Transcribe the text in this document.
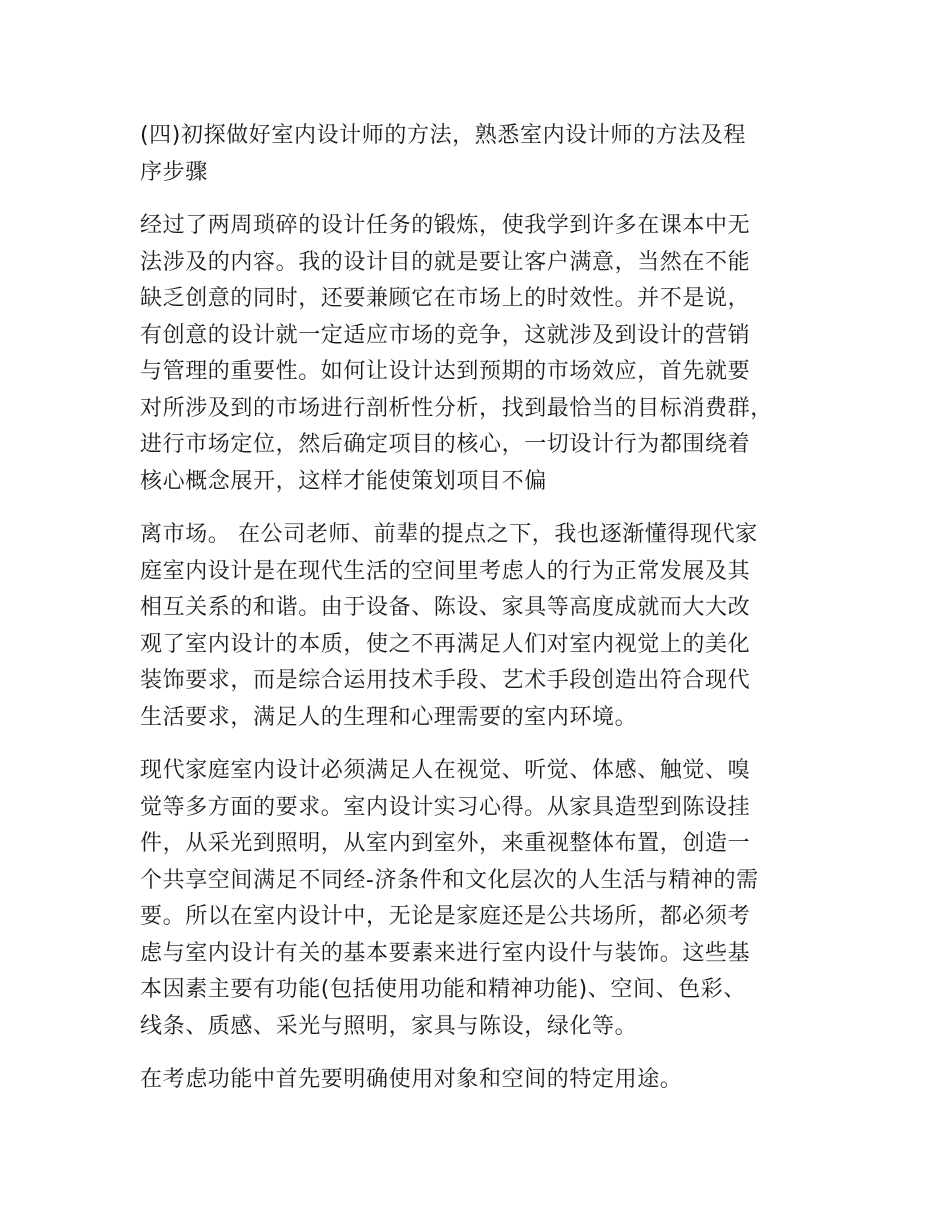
(四)初探做好室内设计师的方法，熟悉室内设计师的方法及程
序步骤

经过了两周琐碎的设计任务的锻炼，使我学到许多在课本中无
法涉及的内容。我的设计目的就是要让客户满意，当然在不能
缺乏创意的同时，还要兼顾它在市场上的时效性。并不是说，
有创意的设计就一定适应市场的竞争，这就涉及到设计的营销
与管理的重要性。如何让设计达到预期的市场效应，首先就要
对所涉及到的市场进行剖析性分析，找到最恰当的目标消费群，
进行市场定位，然后确定项目的核心，一切设计行为都围绕着
核心概念展开，这样才能使策划项目不偏

离市场。 在公司老师、前辈的提点之下，我也逐渐懂得现代家
庭室内设计是在现代生活的空间里考虑人的行为正常发展及其
相互关系的和谐。由于设备、陈设、家具等高度成就而大大改
观了室内设计的本质，使之不再满足人们对室内视觉上的美化
装饰要求，而是综合运用技术手段、艺术手段创造出符合现代
生活要求，满足人的生理和心理需要的室内环境。

现代家庭室内设计必须满足人在视觉、听觉、体感、触觉、嗅
觉等多方面的要求。室内设计实习心得。从家具造型到陈设挂
件，从采光到照明，从室内到室外，来重视整体布置，创造一
个共享空间满足不同经-济条件和文化层次的人生活与精神的需
要。所以在室内设计中，无论是家庭还是公共场所，都必须考
虑与室内设计有关的基本要素来进行室内设什与装饰。这些基
本因素主要有功能(包括使用功能和精神功能)、空间、色彩、
线条、质感、采光与照明，家具与陈设，绿化等。

在考虑功能中首先要明确使用对象和空间的特定用途。
